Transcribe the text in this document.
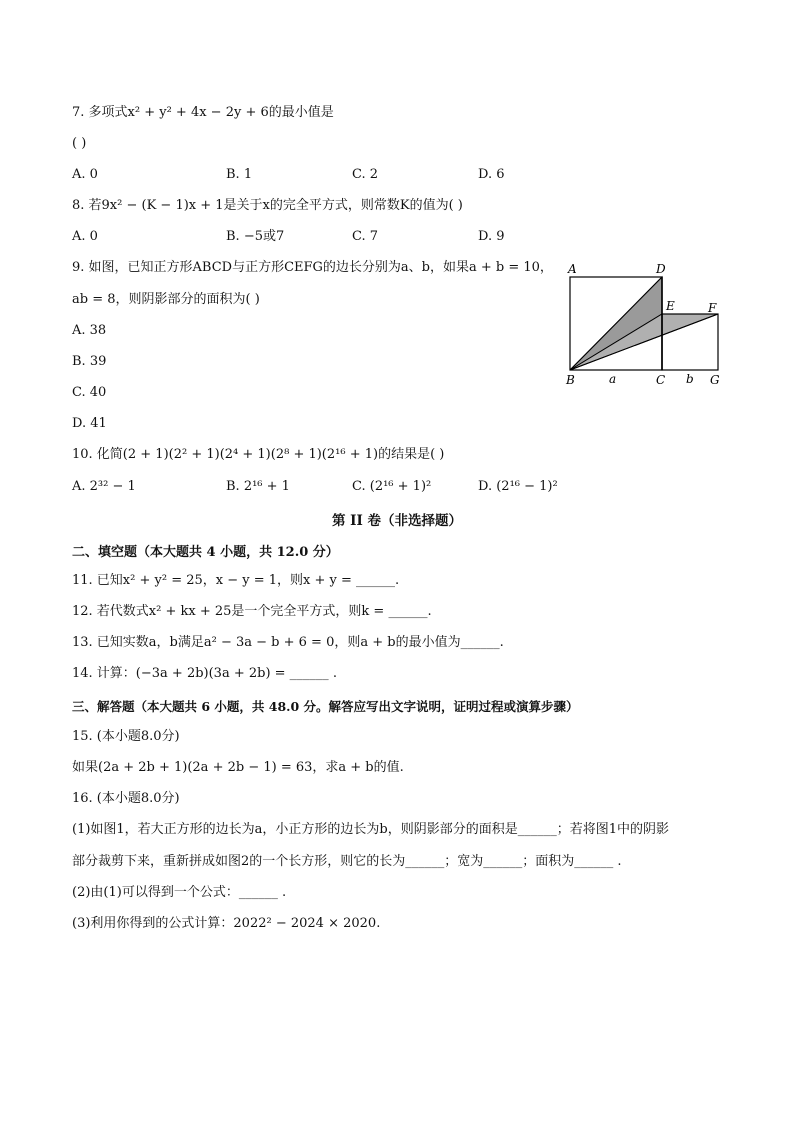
7. 多项式x² + y² + 4x − 2y + 6的最小值是
( )
A. 0	B. 1	C. 2	D. 6
8. 若9x² − (K − 1)x + 1是关于x的完全平方式，则常数K的值为( )
A. 0	B. −5或7	C. 7	D. 9
9. 如图，已知正方形ABCD与正方形CEFG的边长分别为a、b，如果a + b = 10，
ab = 8，则阴影部分的面积为( )
A. 38
B. 39
C. 40
D. 41
A	D
E	F
B	C	G
a	b
10. 化简(2 + 1)(2² + 1)(2⁴ + 1)(2⁸ + 1)(2¹⁶ + 1)的结果是( )
A. 2³² − 1	B. 2¹⁶ + 1	C. (2¹⁶ + 1)²	D. (2¹⁶ − 1)²
第 II 卷（非选择题）
二、填空题（本大题共 4 小题，共 12.0 分）
11. 已知x² + y² = 25，x − y = 1，则x + y = ______.
12. 若代数式x² + kx + 25是一个完全平方式，则k = ______.
13. 已知实数a，b满足a² − 3a − b + 6 = 0，则a + b的最小值为______.
14. 计算：(−3a + 2b)(3a + 2b) = ______ .
三、解答题（本大题共 6 小题，共 48.0 分。解答应写出文字说明，证明过程或演算步骤）
15. (本小题8.0分)
如果(2a + 2b + 1)(2a + 2b − 1) = 63，求a + b的值.
16. (本小题8.0分)
(1)如图1，若大正方形的边长为a，小正方形的边长为b，则阴影部分的面积是______；若将图1中的阴影
部分裁剪下来，重新拼成如图2的一个长方形，则它的长为______；宽为______；面积为______ .
(2)由(1)可以得到一个公式：______ .
(3)利用你得到的公式计算：2022² − 2024 × 2020.
